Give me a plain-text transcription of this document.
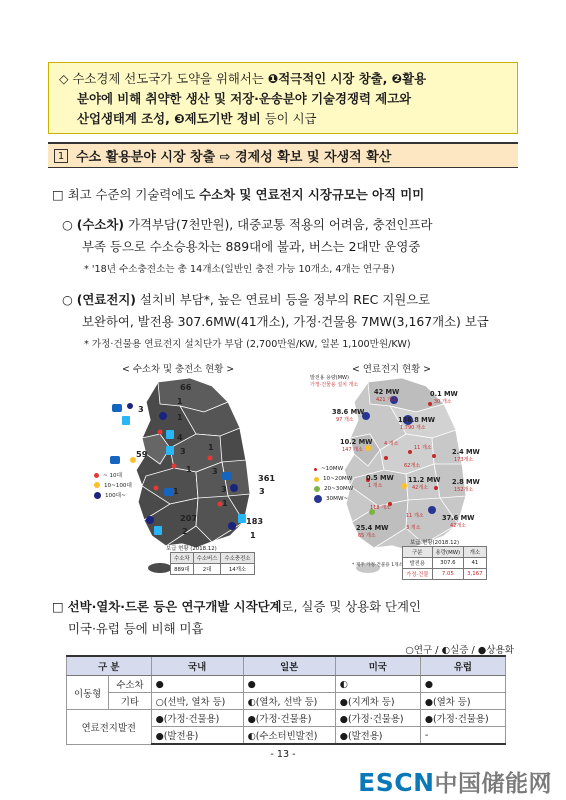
◇ 수소경제 선도국가 도약을 위해서는 ❶적극적인 시장 창출, ❷활용
분야에 비해 취약한 생산 및 저장·운송분야 기술경쟁력 제고와
산업생태계 조성, ❸제도기반 정비 등이 시급
1 수소 활용분야 시장 창출 ⇨ 경제성 확보 및 자생적 확산
□ 최고 수준의 기술력에도 수소차 및 연료전지 시장규모는 아직 미미
○ (수소차) 가격부담(7천만원), 대중교통 적용의 어려움, 충전인프라
부족 등으로 수소승용차는 889대에 불과, 버스는 2대만 운영중
* '18년 수소충전소는 총 14개소(일반인 충전 가능 10개소, 4개는 연구용)
○ (연료전지) 설치비 부담*, 높은 연료비 등을 정부의 REC 지원으로
보완하여, 발전용 307.6MW(41개소), 가정·건물용 7MW(3,167개소) 보급
* 가정·건물용 연료전지 설치단가 부담 (2,700만원/KW, 일본 1,100만원/KW)
< 수소차 및 충전소 현황 >	< 연료전지 현황 >
66
3
1
1
4
3	1
3
59
1
1	3
1
361
3
207
2
183
1
~ 10대
10~100대
100대~
보급 현황 (2018.12)
수소차	수소버스	수소충전소
889대	2대	14개소
발전용 용량(MW)
가정·건물용 설치 개소
42 MW
421 개소
0.1 MW
30 개소
38.6 MW
97 개소	136.8 MW
1,790 개소
10.2 MW
147 개소
4 개소
11 개소	2.4 MW
173개소
62개소
0.5 MW
1 개소
11.2 MW
42개소
2.8 MW
152개소
118 개소
11 개소	37.6 MW
42개소
25.4 MW
65 개소
3 개소
~10MW
10~20MW
20~30MW
30MW~
보급 현황(2018.12)
구분	용량(MW)	개소
발전용	307.6	41
가정·건물	7.05	3,167
* 제주 가정·건물용 1개소
□ 선박·열차·드론 등은 연구개발 시작단계로, 실증 및 상용화 단계인
미국·유럽 등에 비해 미흡
○연구 / ◐실증 / ●상용화
구 분		국내	일본	미국	유럽
이동형	수소차	●	●	◐	●
	기타	○(선박, 열차 등)	◐(열차, 선박 등)	●(지게차 등)	●(열차 등)
연료전지발전		●(가정·건물용)	●(가정·건물용)	●(가정·건물용)	●(가정·건물용)
		●(발전용)	◐(수소터빈발전)	●(발전용)	-
- 13 -
ESCN中国储能网
